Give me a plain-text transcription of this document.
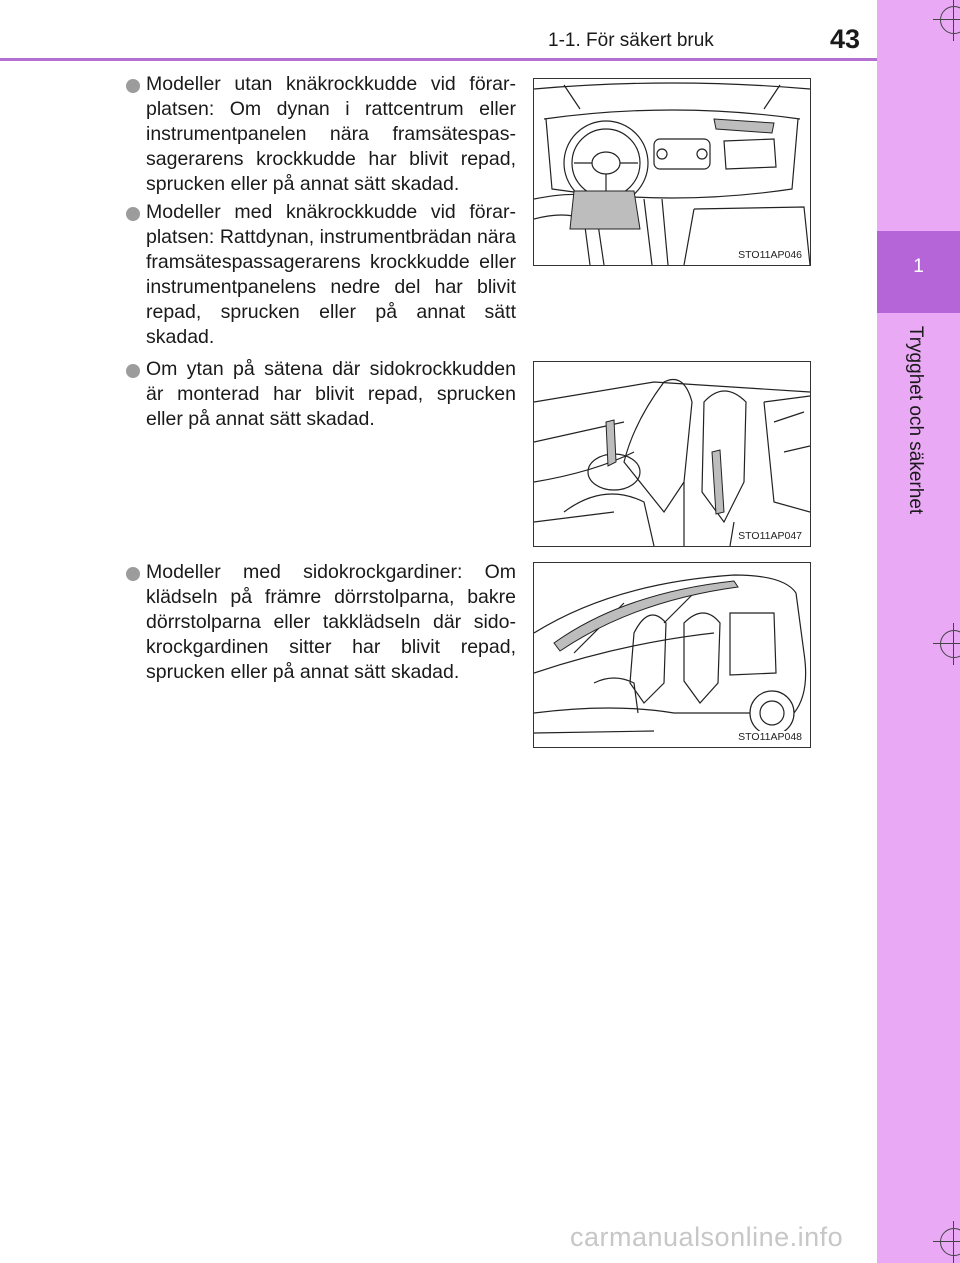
1-1. För säkert bruk	43
1
Trygghet och säkerhet
Modeller utan knäkrockkudde vid förarplatsen: Om dynan i rattcentrum eller instrumentpanelen nära framsätespassagerarens krockkudde har blivit repad, sprucken eller på annat sätt skadad.
Modeller med knäkrockkudde vid förarplatsen: Rattdynan, instrumentbrädan nära framsätespassagerarens krockkudde eller instrumentpanelens nedre del har blivit repad, sprucken eller på annat sätt skadad.
Om ytan på sätena där sidokrockkudden är monterad har blivit repad, sprucken eller på annat sätt skadad.
Modeller med sidokrockgardiner: Om klädseln på främre dörrstolparna, bakre dörrstolparna eller takklädseln där sidokrockgardinen sitter har blivit repad, sprucken eller på annat sätt skadad.
STO11AP046
STO11AP047
STO11AP048
carmanualsonline.info
